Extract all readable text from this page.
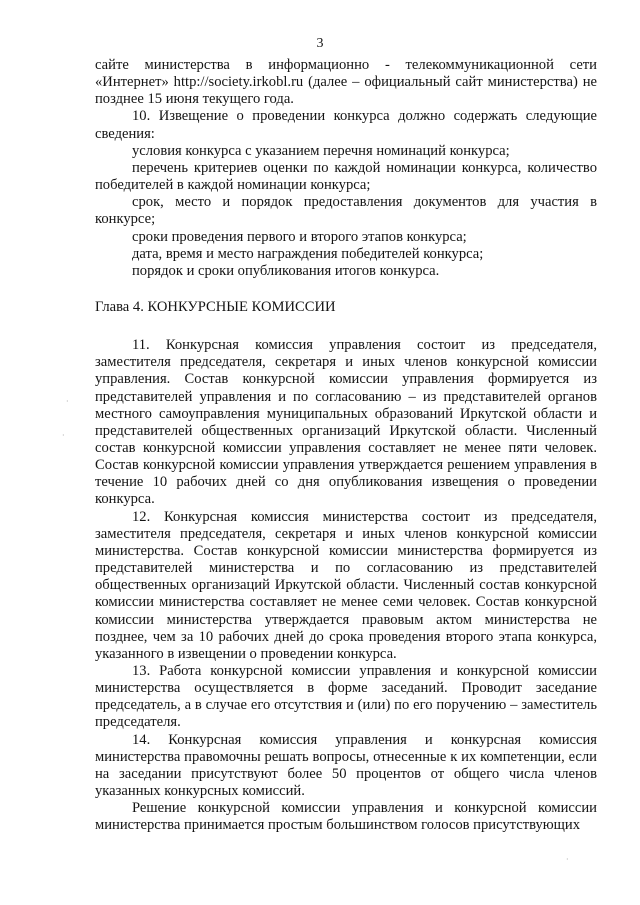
3

сайте министерства в информационно - телекоммуникационной сети «Интернет» http://society.irkobl.ru (далее – официальный сайт министерства) не позднее 15 июня текущего года.

10. Извещение о проведении конкурса должно содержать следующие сведения:

условия конкурса с указанием перечня номинаций конкурса;

перечень критериев оценки по каждой номинации конкурса, количество победителей в каждой номинации конкурса;

срок, место и порядок предоставления документов для участия в конкурсе;

сроки проведения первого и второго этапов конкурса;

дата, время и место награждения победителей конкурса;

порядок и сроки опубликования итогов конкурса.

Глава 4. КОНКУРСНЫЕ КОМИССИИ

11. Конкурсная комиссия управления состоит из председателя, заместителя председателя, секретаря и иных членов конкурсной комиссии управления. Состав конкурсной комиссии управления формируется из представителей управления и по согласованию – из представителей органов местного самоуправления муниципальных образований Иркутской области и представителей общественных организаций Иркутской области. Численный состав конкурсной комиссии управления составляет не менее пяти человек. Состав конкурсной комиссии управления утверждается решением управления в течение 10 рабочих дней со дня опубликования извещения о проведении конкурса.

12. Конкурсная комиссия министерства состоит из председателя, заместителя председателя, секретаря и иных членов конкурсной комиссии министерства. Состав конкурсной комиссии министерства формируется из представителей министерства и по согласованию из представителей общественных организаций Иркутской области. Численный состав конкурсной комиссии министерства составляет не менее семи человек. Состав конкурсной комиссии министерства утверждается правовым актом министерства не позднее, чем за 10 рабочих дней до срока проведения второго этапа конкурса, указанного в извещении о проведении конкурса.

13. Работа конкурсной комиссии управления и конкурсной комиссии министерства осуществляется в форме заседаний. Проводит заседание председатель, а в случае его отсутствия и (или) по его поручению – заместитель председателя.

14. Конкурсная комиссия управления и конкурсная комиссия министерства правомочны решать вопросы, отнесенные к их компетенции, если на заседании присутствуют более 50 процентов от общего числа членов указанных конкурсных комиссий.

Решение конкурсной комиссии управления и конкурсной комиссии министерства принимается простым большинством голосов присутствующих

·
·
·
